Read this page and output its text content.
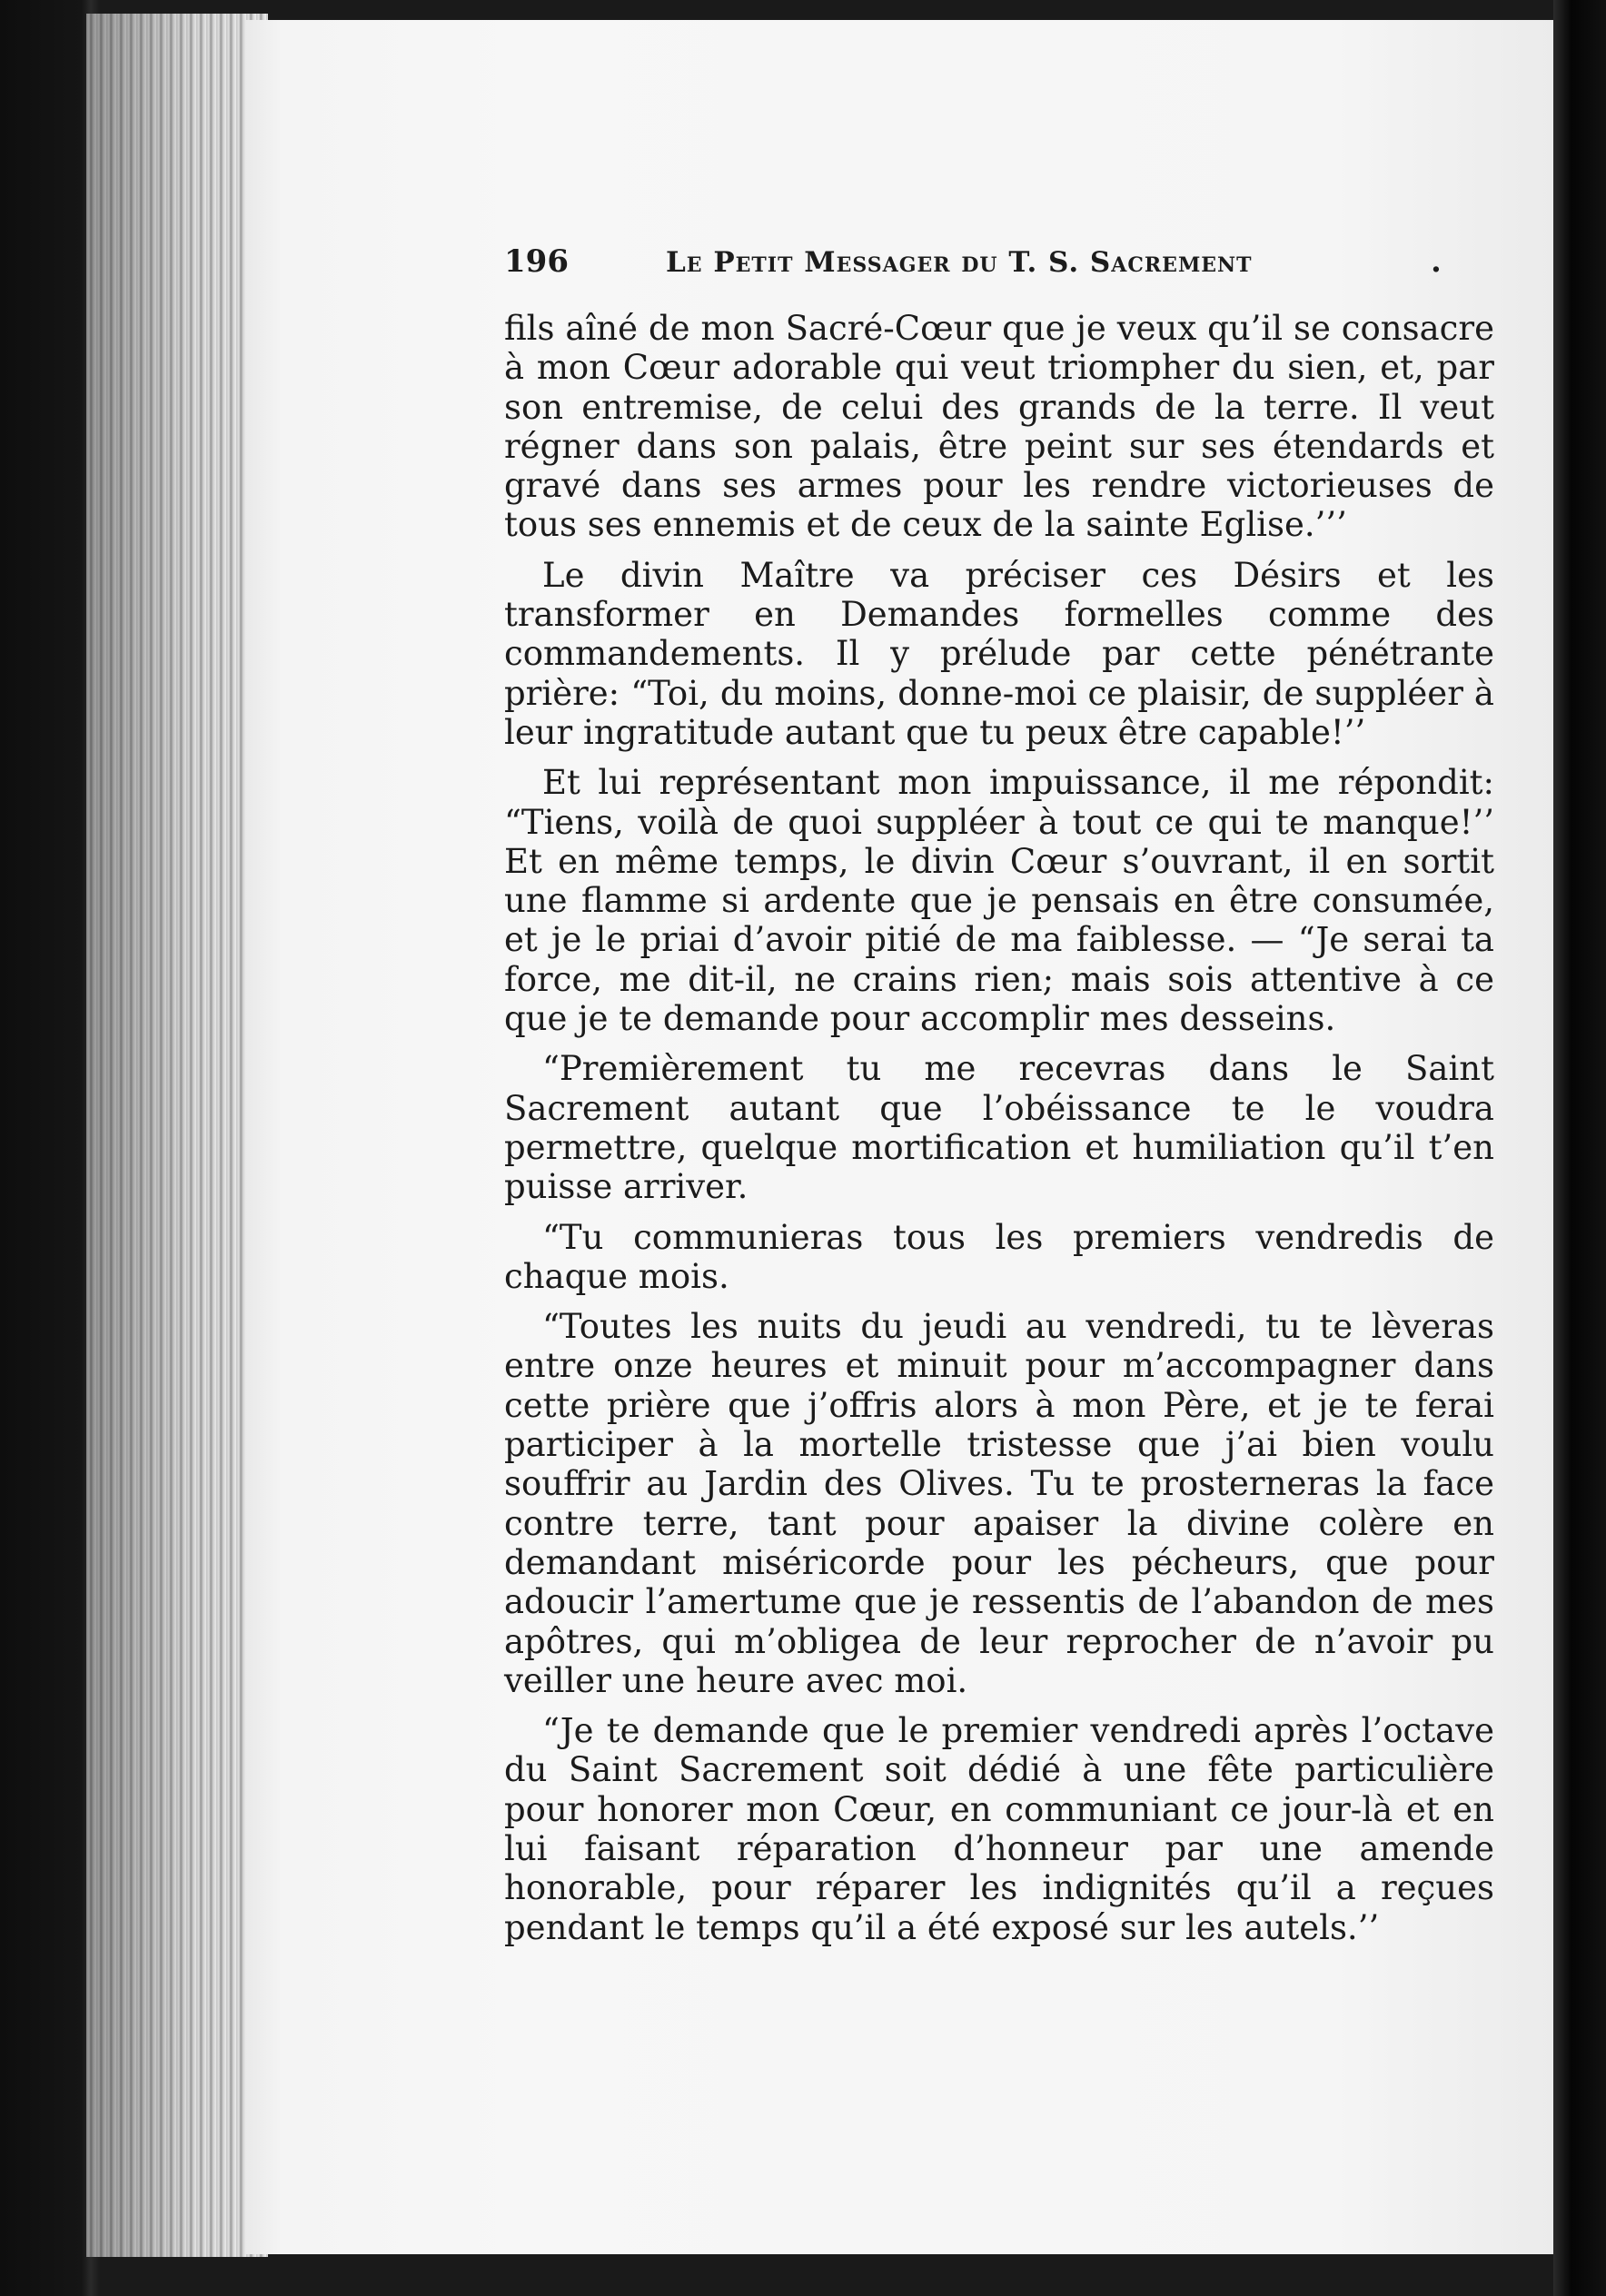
196	Le Petit Messager du T. S. Sacrement	.

fils aîné de mon Sacré-Cœur que je veux qu’il se consacre à mon Cœur adorable qui veut triompher du sien, et, par son entremise, de celui des grands de la terre. Il veut régner dans son palais, être peint sur ses étendards et gravé dans ses armes pour les rendre victorieuses de tous ses ennemis et de ceux de la sainte Eglise.’’’

Le divin Maître va préciser ces Désirs et les transformer en Demandes formelles comme des commandements. Il y prélude par cette pénétrante prière: “Toi, du moins, donne-moi ce plaisir, de suppléer à leur ingratitude autant que tu peux être capable!’’

Et lui représentant mon impuissance, il me répondit: “Tiens, voilà de quoi suppléer à tout ce qui te manque!’’ Et en même temps, le divin Cœur s’ouvrant, il en sortit une flamme si ardente que je pensais en être consumée, et je le priai d’avoir pitié de ma faiblesse. — “Je serai ta force, me dit-il, ne crains rien; mais sois attentive à ce que je te demande pour accomplir mes desseins.

“Premièrement tu me recevras dans le Saint Sacrement autant que l’obéissance te le voudra permettre, quelque mortification et humiliation qu’il t’en puisse arriver.

“Tu communieras tous les premiers vendredis de chaque mois.

“Toutes les nuits du jeudi au vendredi, tu te lèveras entre onze heures et minuit pour m’accompagner dans cette prière que j’offris alors à mon Père, et je te ferai participer à la mortelle tristesse que j’ai bien voulu souffrir au Jardin des Olives. Tu te prosterneras la face contre terre, tant pour apaiser la divine colère en demandant miséricorde pour les pécheurs, que pour adoucir l’amertume que je ressentis de l’abandon de mes apôtres, qui m’obligea de leur reprocher de n’avoir pu veiller une heure avec moi.

“Je te demande que le premier vendredi après l’octave du Saint Sacrement soit dédié à une fête particulière pour honorer mon Cœur, en communiant ce jour-là et en lui faisant réparation d’honneur par une amende honorable, pour réparer les indignités qu’il a reçues pendant le temps qu’il a été exposé sur les autels.’’
